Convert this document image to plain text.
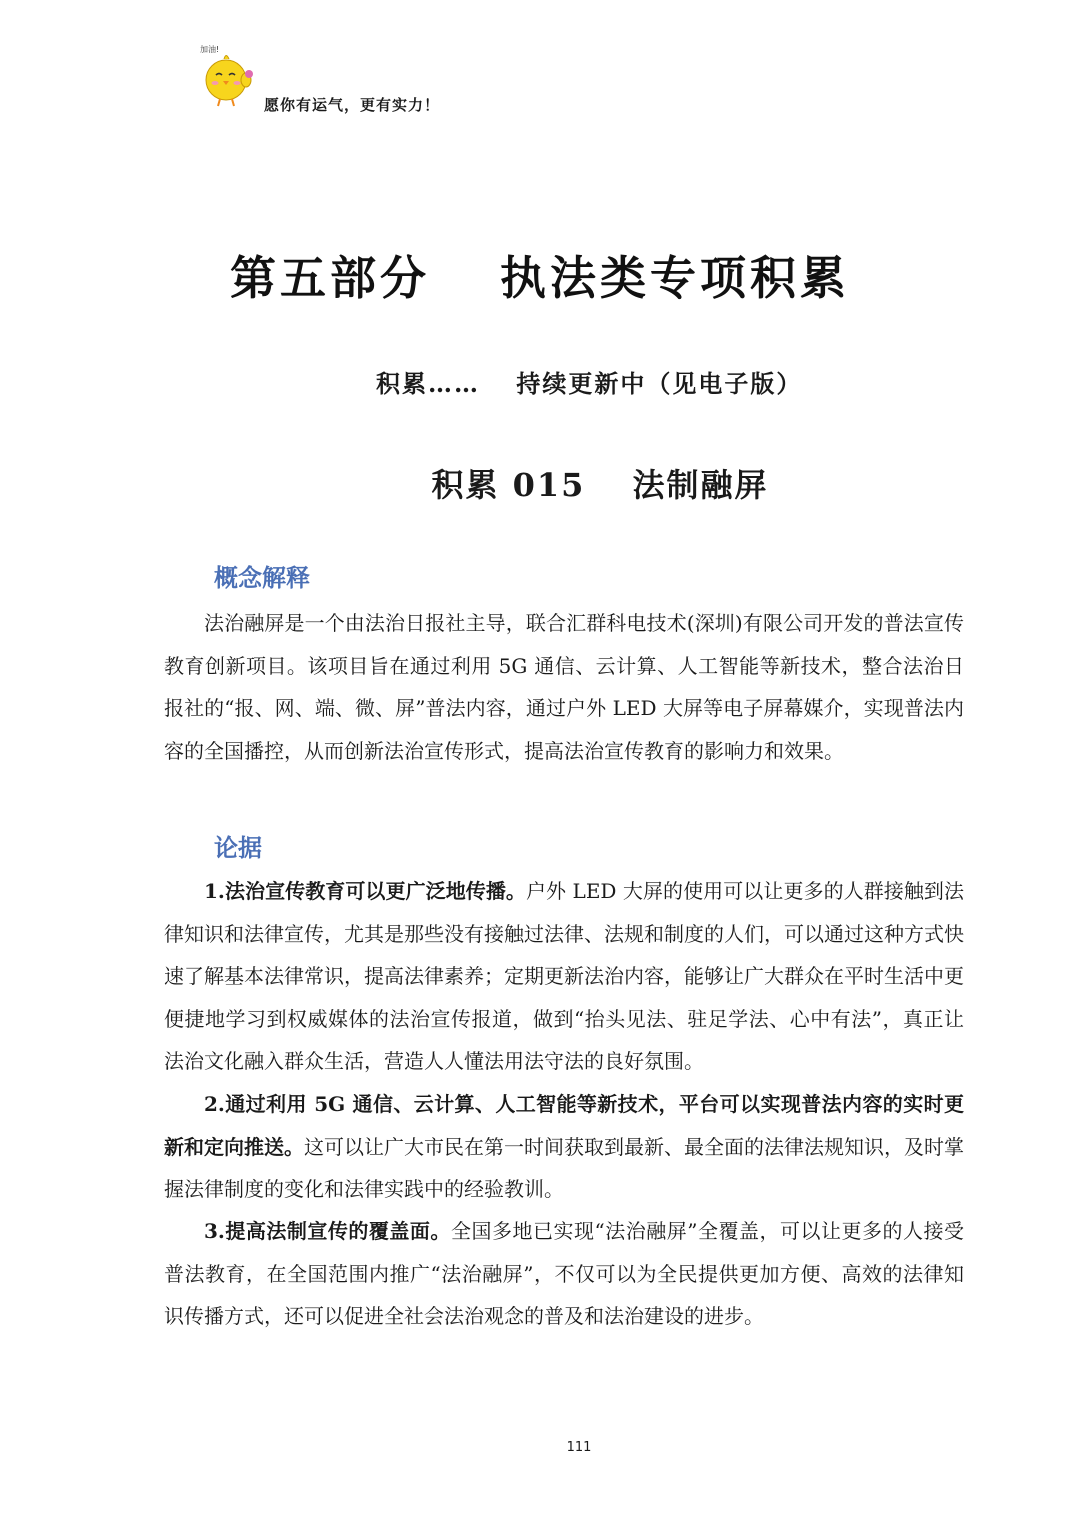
加油!
愿你有运气，更有实力！
第五部分　 执法类专项积累
积累……　 持续更新中（见电子版）
积累 015　 法制融屏
概念解释

法治融屏是一个由法治日报社主导，联合汇群科电技术(深圳)有限公司开发的普法宣传教育创新项目。该项目旨在通过利用 5G 通信、云计算、人工智能等新技术，整合法治日报社的“报、网、端、微、屏”普法内容，通过户外 LED 大屏等电子屏幕媒介，实现普法内容的全国播控，从而创新法治宣传形式，提高法治宣传教育的影响力和效果。

论据

1.法治宣传教育可以更广泛地传播。户外 LED 大屏的使用可以让更多的人群接触到法律知识和法律宣传，尤其是那些没有接触过法律、法规和制度的人们，可以通过这种方式快速了解基本法律常识，提高法律素养；定期更新法治内容，能够让广大群众在平时生活中更便捷地学习到权威媒体的法治宣传报道，做到“抬头见法、驻足学法、心中有法”，真正让法治文化融入群众生活，营造人人懂法用法守法的良好氛围。

2.通过利用 5G 通信、云计算、人工智能等新技术，平台可以实现普法内容的实时更新和定向推送。这可以让广大市民在第一时间获取到最新、最全面的法律法规知识，及时掌握法律制度的变化和法律实践中的经验教训。

3.提高法制宣传的覆盖面。全国多地已实现“法治融屏”全覆盖，可以让更多的人接受普法教育，在全国范围内推广“法治融屏”，不仅可以为全民提供更加方便、高效的法律知识传播方式，还可以促进全社会法治观念的普及和法治建设的进步。

111
